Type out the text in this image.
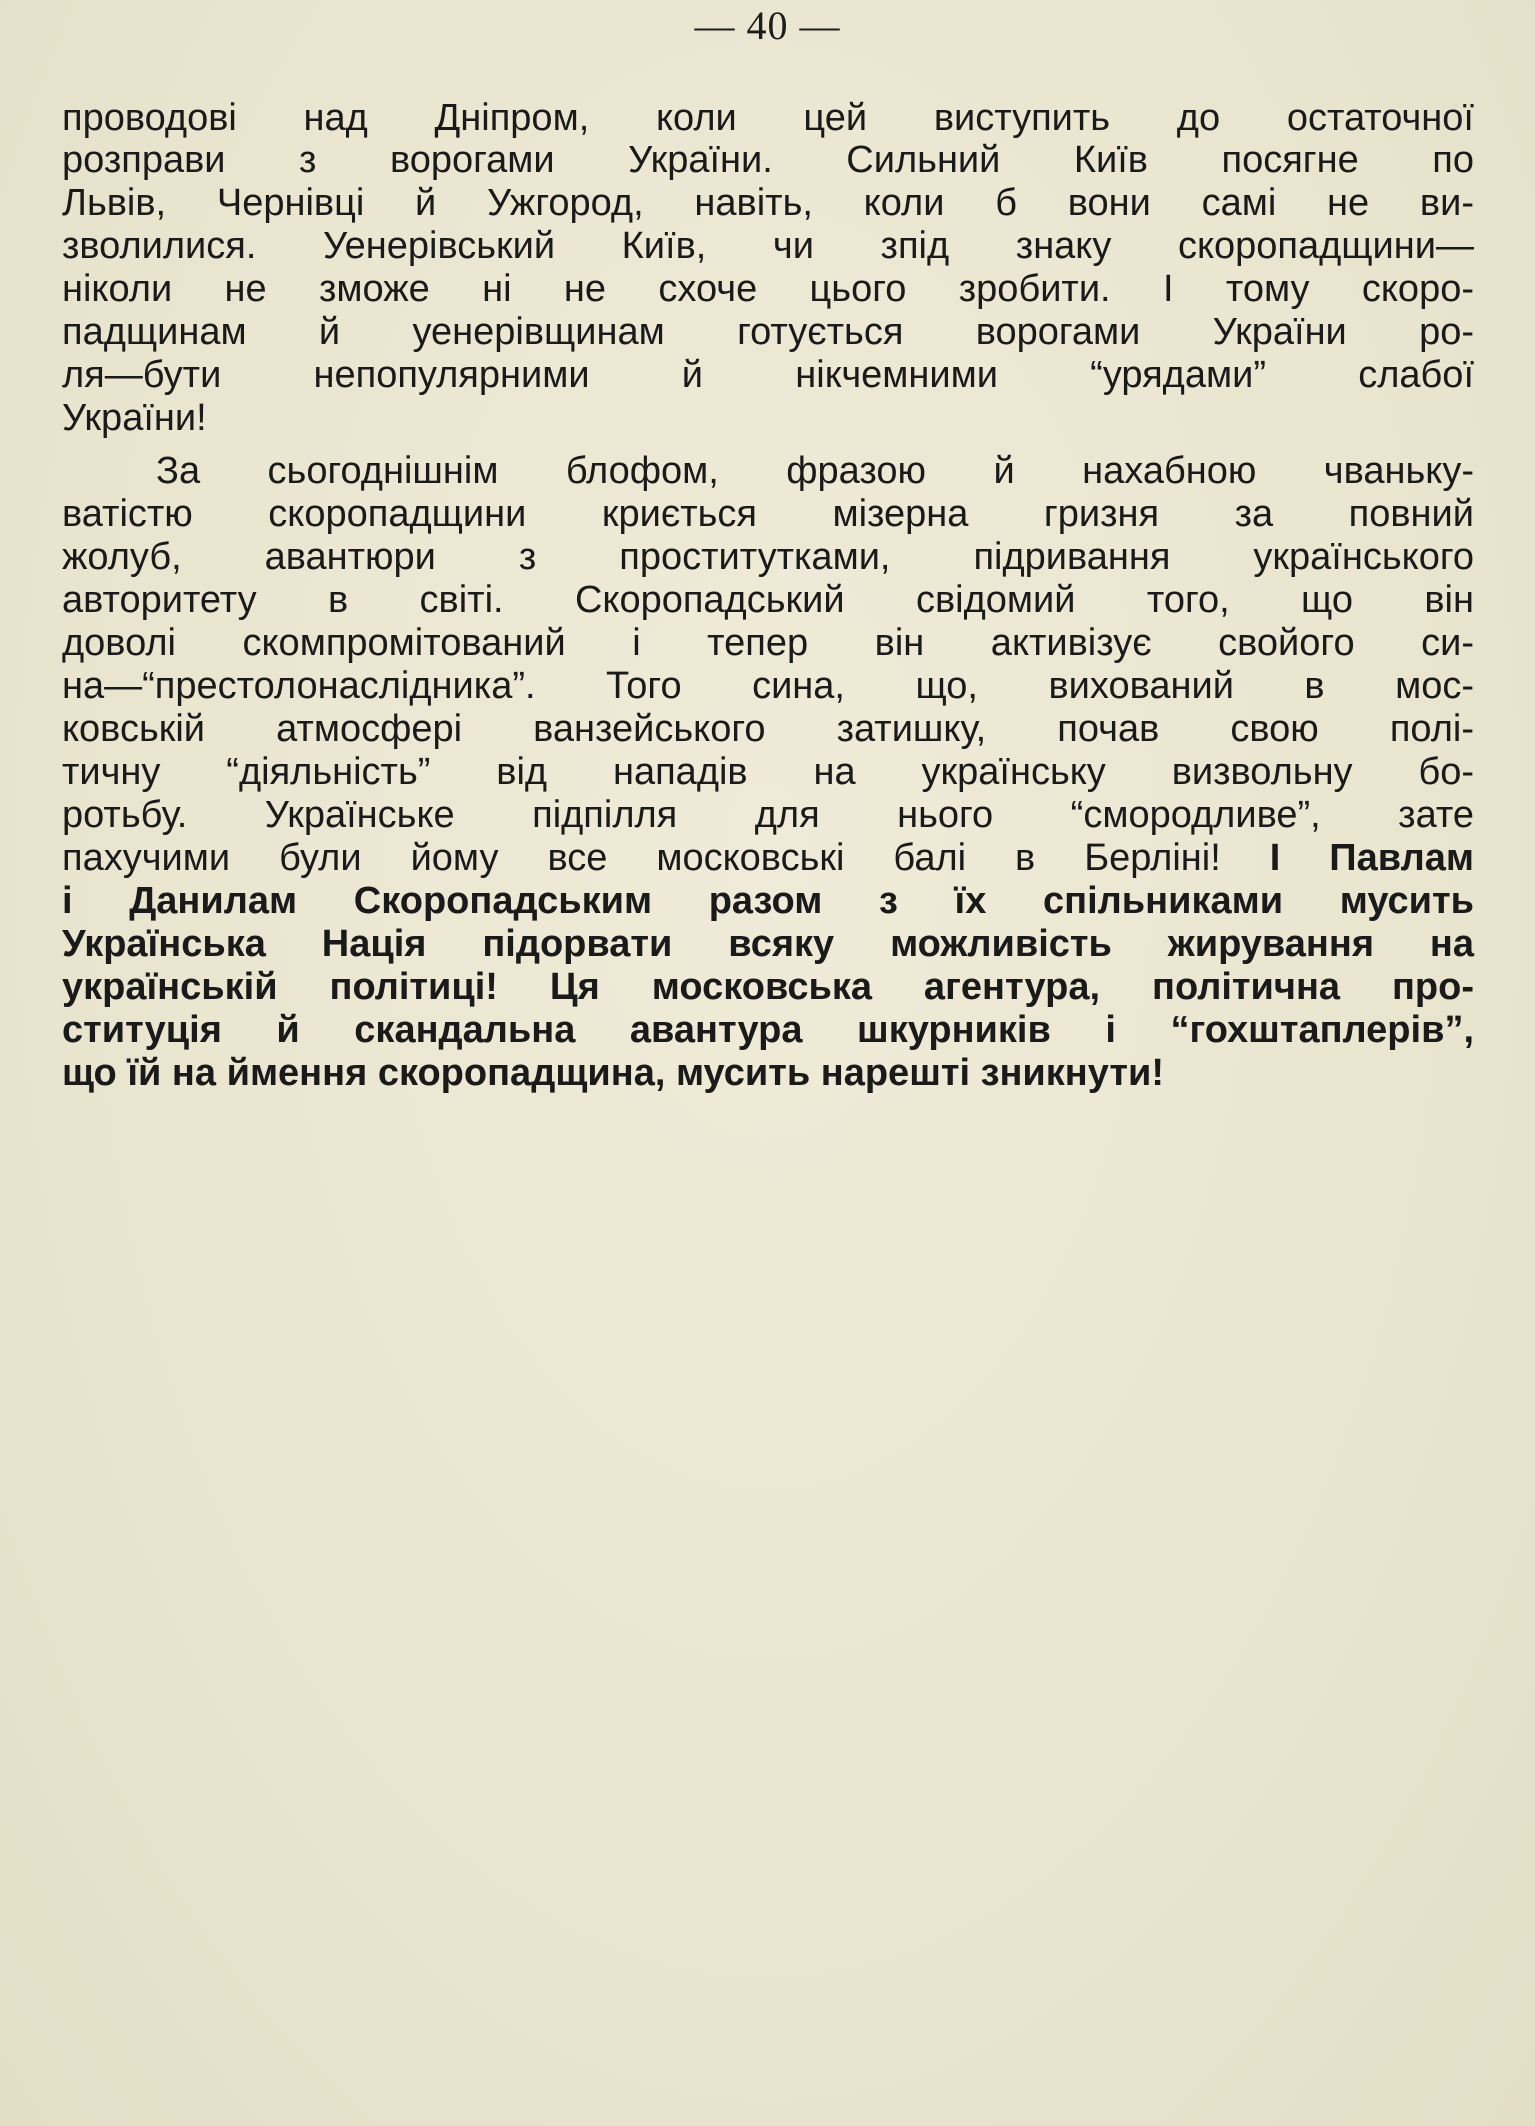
— 40 —
проводові над Дніпром, коли цей виступить до остаточної
розправи з ворогами України. Сильний Київ посягне по
Львів, Чернівці й Ужгород, навіть, коли б вони самі не ви-
зволилися. Уенерівський Київ, чи зпід знаку скоропадщини—
ніколи не зможе ні не схоче цього зробити. І тому скоро-
падщинам й уенерівщинам готується ворогами України ро-
ля—бути непопулярними й нікчемними “урядами” слабої
України!
За сьогоднішнім блофом, фразою й нахабною чваньку-
ватістю скоропадщини криється мізерна гризня за повний
жолуб, авантюри з проститутками, підривання українського
авторитету в світі. Скоропадський свідомий того, що він
доволі скомпромітований і тепер він активізує свойого си-
на—“престолонаслідника”. Того сина, що, вихований в мос-
ковській атмосфері ванзейського затишку, почав свою полі-
тичну “діяльність” від нападів на українську визвольну бо-
ротьбу. Українське підпілля для нього “смородливе”, зате
пахучими були йому все московські балі в Берліні! І Павлам
і Данилам Скоропадським разом з їх спільниками мусить
Українська Нація підорвати всяку можливість жирування на
українській політиці! Ця московська агентура, політична про-
ституція й скандальна авантура шкурників і “гохштаплерів”,
що їй на ймення скоропадщина, мусить нарешті зникнути!
